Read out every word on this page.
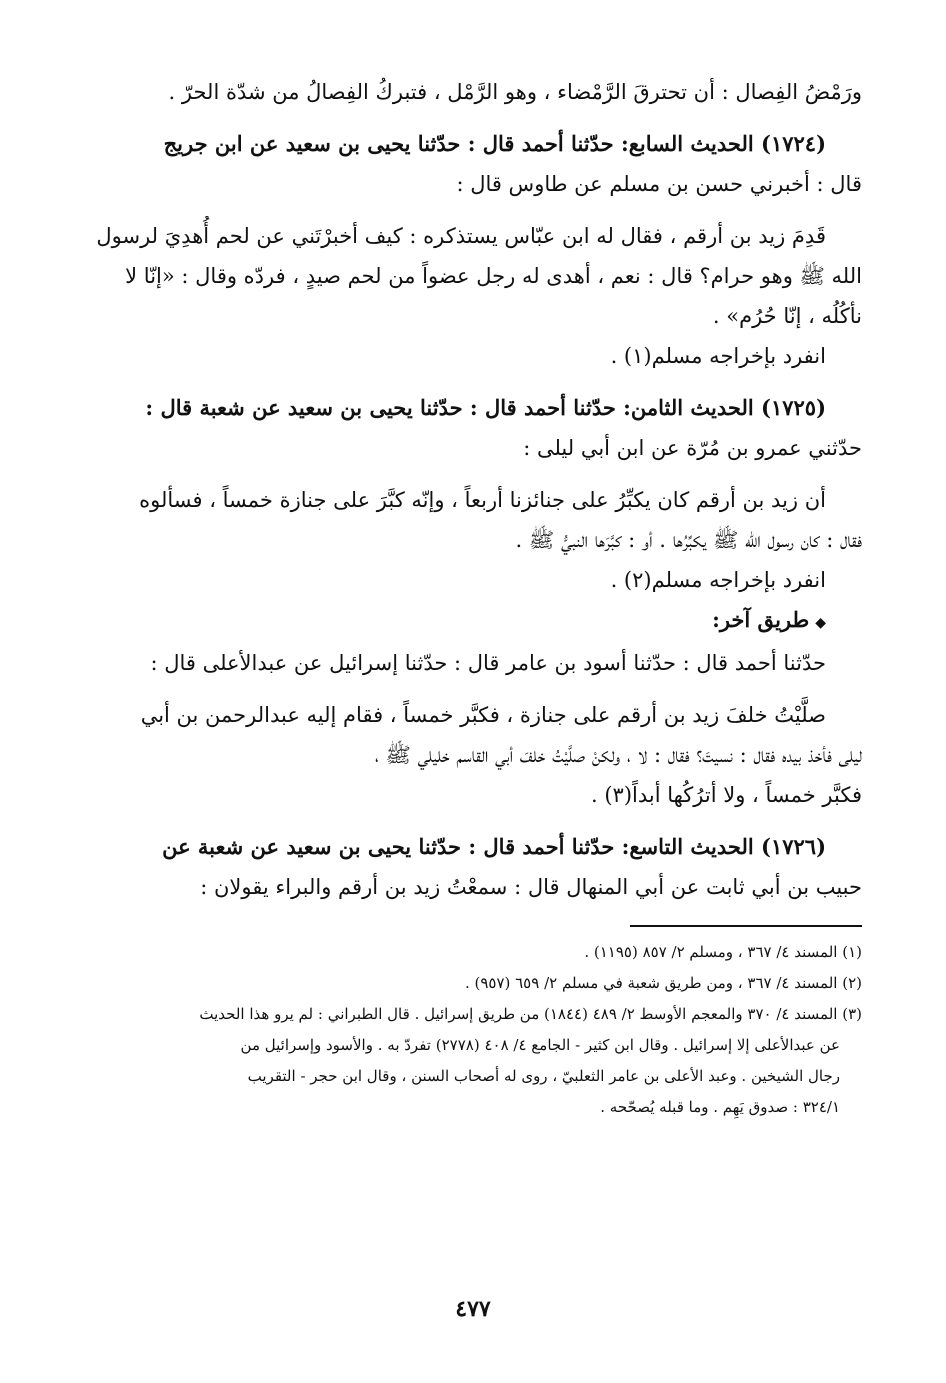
ورَمْضُ الفِصال : أن تحترقَ الرَّمْضاء ، وهو الرَّمْل ، فتبركُ الفِصالُ من شدّة الحرّ .
(١٧٢٤) الحديث السابع: حدّثنا أحمد قال : حدّثنا يحيى بن سعيد عن ابن جريج
قال : أخبرني حسن بن مسلم عن طاوس قال :
قَدِمَ زيد بن أرقم ، فقال له ابن عبّاس يستذكره : كيف أخبرْتَني عن لحم أُهدِيَ لرسول
الله ﷺ وهو حرام؟ قال : نعم ، أهدى له رجل عضواً من لحم صيدٍ ، فردّه وقال : «إنّا لا
نأكُلُه ، إنّا حُرُم» .
انفرد بإخراجه مسلم(١) .
(١٧٢٥) الحديث الثامن: حدّثنا أحمد قال : حدّثنا يحيى بن سعيد عن شعبة قال :
حدّثني عمرو بن مُرّة عن ابن أبي ليلى :
أن زيد بن أرقم كان يكبِّرُ على جنائزنا أربعاً ، وإنّه كبَّرَ على جنازة خمساً ، فسألوه
فقال : كان رسول الله ﷺ يكبِّرُها . أو : كبَّرَها النبيُّ ﷺ .
انفرد بإخراجه مسلم(٢) .
◆طريق آخر:
حدّثنا أحمد قال : حدّثنا أسود بن عامر قال : حدّثنا إسرائيل عن عبدالأعلى قال :
صلَّيْتُ خلفَ زيد بن أرقم على جنازة ، فكبَّر خمساً ، فقام إليه عبدالرحمن بن أبي
ليلى فأخذ بيده فقال : نسيتَ؟ فقال : لا ، ولكنْ صلَّيْتُ خلفَ أبي القاسم خليلي ﷺ ،
فكبَّر خمساً ، ولا أترُكُها أبداً(٣) .
(١٧٢٦) الحديث التاسع: حدّثنا أحمد قال : حدّثنا يحيى بن سعيد عن شعبة عن
حبيب بن أبي ثابت عن أبي المنهال قال : سمعْتُ زيد بن أرقم والبراء يقولان :
(١) المسند ٤/ ٣٦٧ ، ومسلم ٢/ ٨٥٧ (١١٩٥) .
(٢) المسند ٤/ ٣٦٧ ، ومن طريق شعبة في مسلم ٢/ ٦٥٩ (٩٥٧) .
(٣) المسند ٤/ ٣٧٠ والمعجم الأوسط ٢/ ٤٨٩ (١٨٤٤) من طريق إسرائيل . قال الطبراني : لم يرو هذا الحديث
عن عبدالأعلى إلا إسرائيل . وقال ابن كثير - الجامع ٤/ ٤٠٨ (٢٧٧٨) تفردّ به . والأسود وإسرائيل من
رجال الشيخين . وعبد الأعلى بن عامر الثعلبيّ ، روى له أصحاب السنن ، وقال ابن حجر - التقريب
٣٢٤/١ : صدوق يَهِم . وما قبله يُصحّحه .
٤٧٧
